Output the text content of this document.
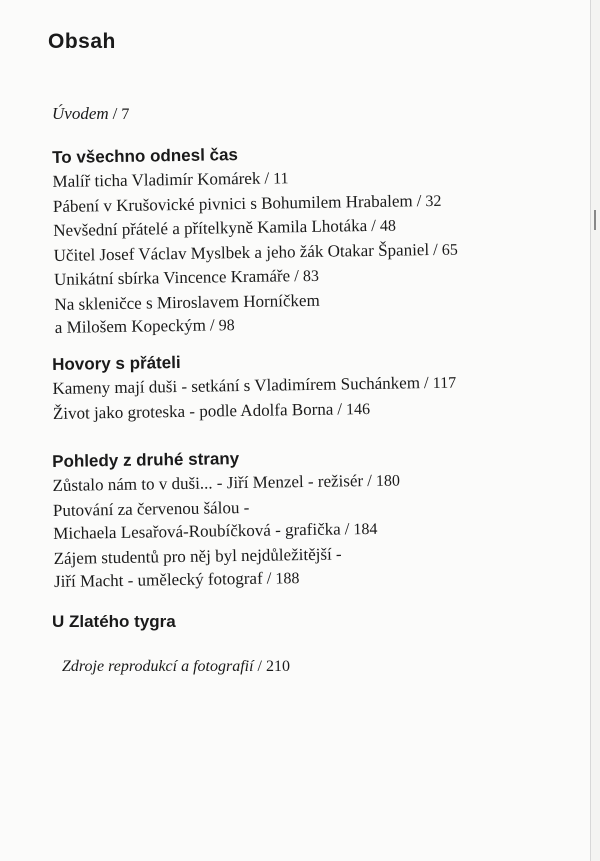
Obsah
Úvodem / 7
To všechno odnesl čas
Malíř ticha Vladimír Komárek / 11
Pábení v Krušovické pivnici s Bohumilem Hrabalem / 32
Nevšední přátelé a přítelkyně Kamila Lhotáka / 48
Učitel Josef Václav Myslbek a jeho žák Otakar Španiel / 65
Unikátní sbírka Vincence Kramáře / 83
Na skleničce s Miroslavem Horníčkem
a Milošem Kopeckým / 98
Hovory s přáteli
Kameny mají duši - setkání s Vladimírem Suchánkem / 117
Život jako groteska - podle Adolfa Borna / 146
Pohledy z druhé strany
Zůstalo nám to v duši... - Jiří Menzel - režisér / 180
Putování za červenou šálou -
Michaela Lesařová-Roubíčková - grafička / 184
Zájem studentů pro něj byl nejdůležitější -
Jiří Macht - umělecký fotograf / 188
U Zlatého tygra
Zdroje reprodukcí a fotografií / 210
